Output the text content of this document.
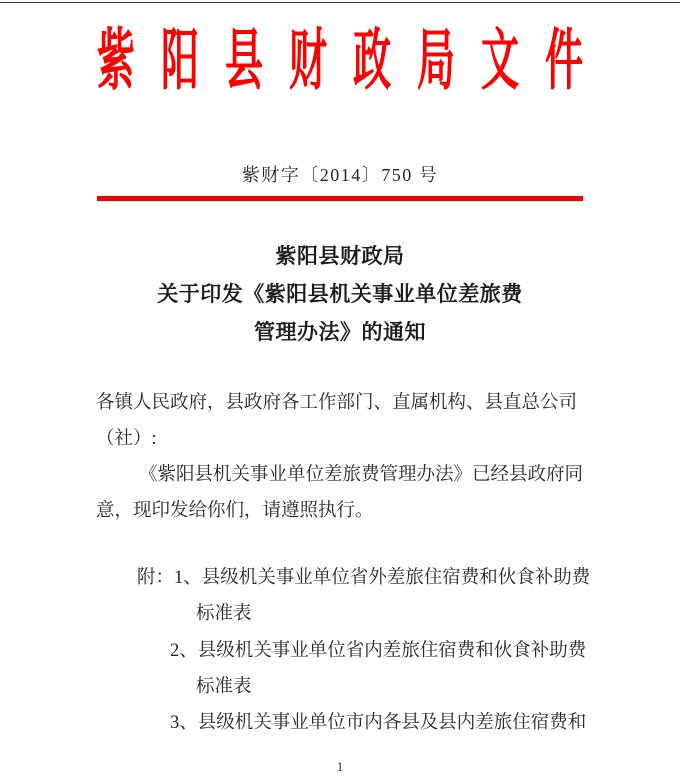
紫阳县财政局文件
紫财字〔2014〕750 号
紫阳县财政局
关于印发《紫阳县机关事业单位差旅费
管理办法》的通知
各镇人民政府，县政府各工作部门、直属机构、县直总公司
（社）:
《紫阳县机关事业单位差旅费管理办法》已经县政府同
意，现印发给你们，请遵照执行。
附：1、县级机关事业单位省外差旅住宿费和伙食补助费
标准表
2、县级机关事业单位省内差旅住宿费和伙食补助费
标准表
3、县级机关事业单位市内各县及县内差旅住宿费和
1
